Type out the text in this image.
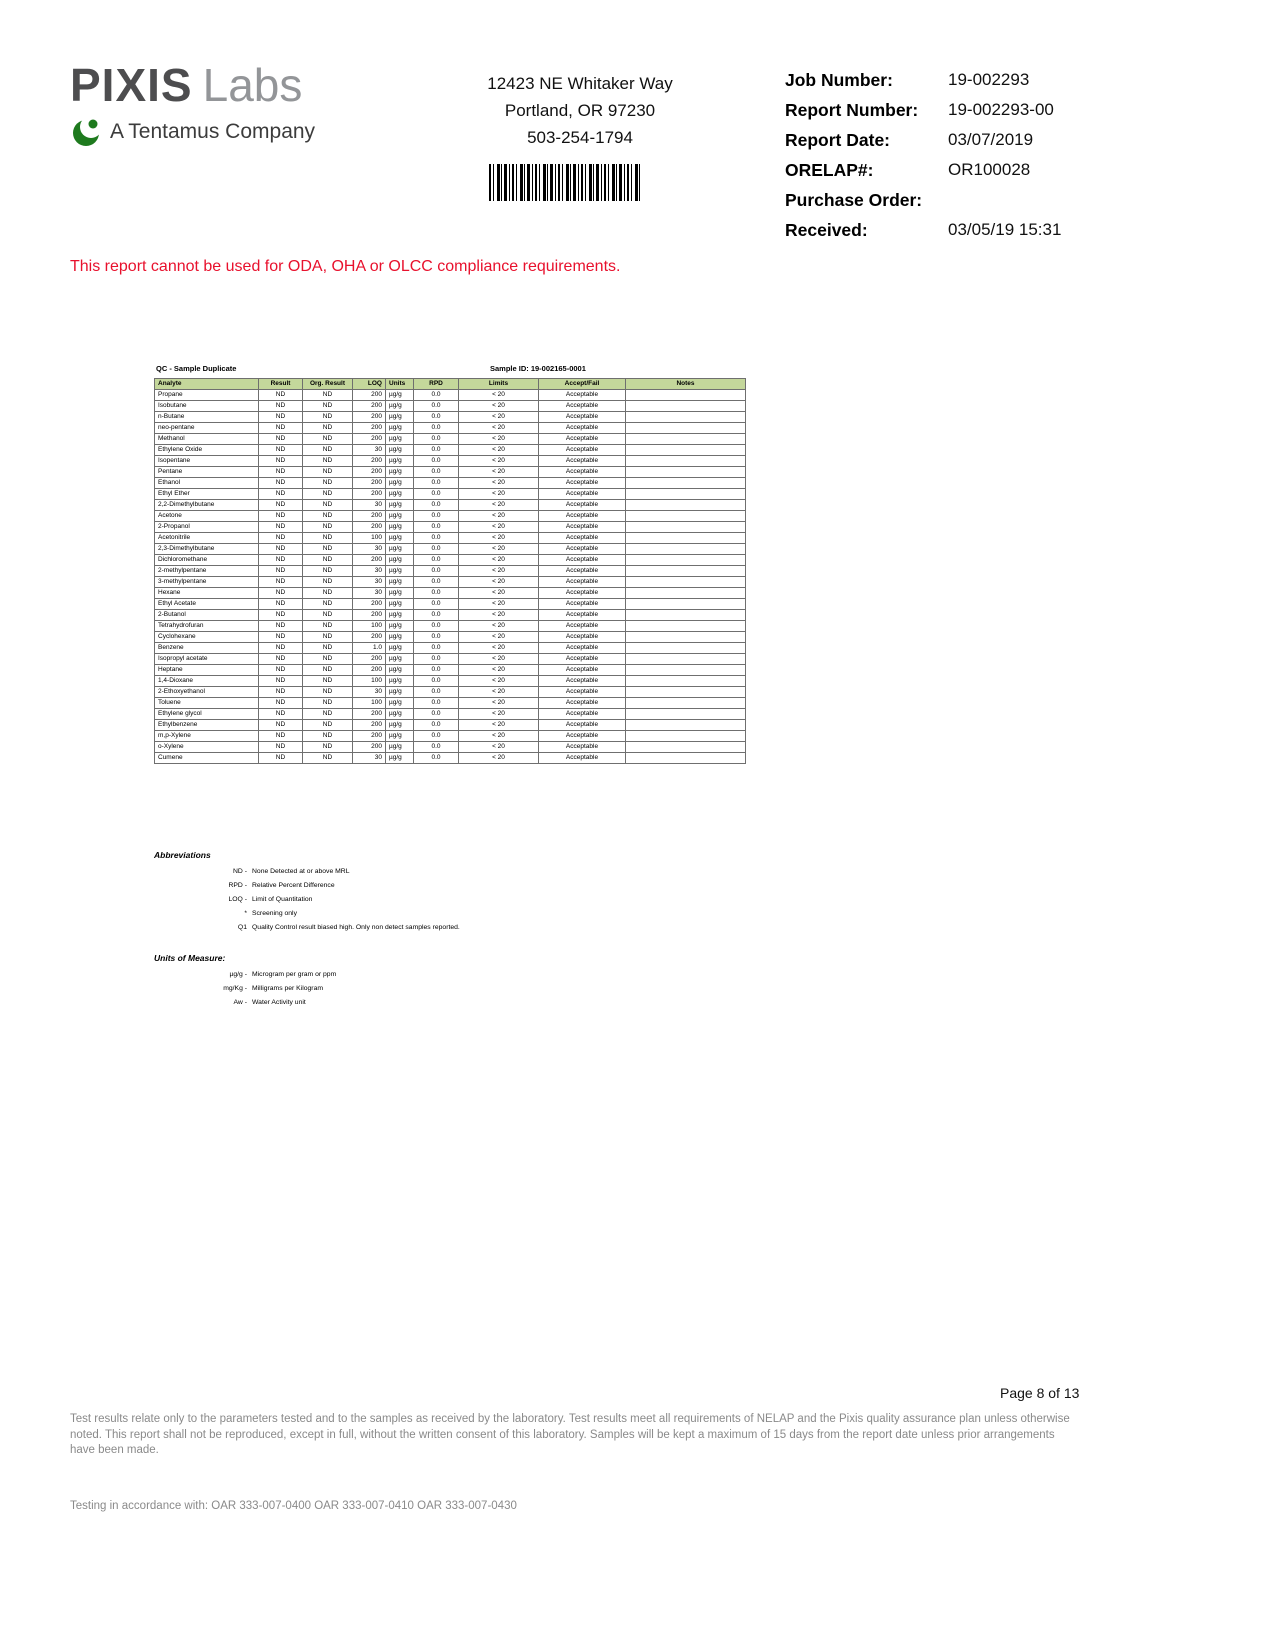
PIXIS Labs
A Tentamus Company
12423 NE Whitaker Way
Portland, OR 97230
503-254-1794
Job Number:	19-002293
Report Number:	19-002293-00
Report Date:	03/07/2019
ORELAP#:	OR100028
Purchase Order:
Received:	03/05/19 15:31
This report cannot be used for ODA, OHA or OLCC compliance requirements.
QC - Sample Duplicate	Sample ID: 19-002165-0001
Analyte	Result	Org. Result	LOQ	Units	RPD	Limits	Accept/Fail	Notes
Propane	ND	ND	200	µg/g	0.0	< 20	Acceptable	
Isobutane	ND	ND	200	µg/g	0.0	< 20	Acceptable	
n-Butane	ND	ND	200	µg/g	0.0	< 20	Acceptable	
neo-pentane	ND	ND	200	µg/g	0.0	< 20	Acceptable	
Methanol	ND	ND	200	µg/g	0.0	< 20	Acceptable	
Ethylene Oxide	ND	ND	30	µg/g	0.0	< 20	Acceptable	
Isopentane	ND	ND	200	µg/g	0.0	< 20	Acceptable	
Pentane	ND	ND	200	µg/g	0.0	< 20	Acceptable	
Ethanol	ND	ND	200	µg/g	0.0	< 20	Acceptable	
Ethyl Ether	ND	ND	200	µg/g	0.0	< 20	Acceptable	
2,2-Dimethylbutane	ND	ND	30	µg/g	0.0	< 20	Acceptable	
Acetone	ND	ND	200	µg/g	0.0	< 20	Acceptable	
2-Propanol	ND	ND	200	µg/g	0.0	< 20	Acceptable	
Acetonitrile	ND	ND	100	µg/g	0.0	< 20	Acceptable	
2,3-Dimethylbutane	ND	ND	30	µg/g	0.0	< 20	Acceptable	
Dichloromethane	ND	ND	200	µg/g	0.0	< 20	Acceptable	
2-methylpentane	ND	ND	30	µg/g	0.0	< 20	Acceptable	
3-methylpentane	ND	ND	30	µg/g	0.0	< 20	Acceptable	
Hexane	ND	ND	30	µg/g	0.0	< 20	Acceptable	
Ethyl Acetate	ND	ND	200	µg/g	0.0	< 20	Acceptable	
2-Butanol	ND	ND	200	µg/g	0.0	< 20	Acceptable	
Tetrahydrofuran	ND	ND	100	µg/g	0.0	< 20	Acceptable	
Cyclohexane	ND	ND	200	µg/g	0.0	< 20	Acceptable	
Benzene	ND	ND	1.0	µg/g	0.0	< 20	Acceptable	
Isopropyl acetate	ND	ND	200	µg/g	0.0	< 20	Acceptable	
Heptane	ND	ND	200	µg/g	0.0	< 20	Acceptable	
1,4-Dioxane	ND	ND	100	µg/g	0.0	< 20	Acceptable	
2-Ethoxyethanol	ND	ND	30	µg/g	0.0	< 20	Acceptable	
Toluene	ND	ND	100	µg/g	0.0	< 20	Acceptable	
Ethylene glycol	ND	ND	200	µg/g	0.0	< 20	Acceptable	
Ethylbenzene	ND	ND	200	µg/g	0.0	< 20	Acceptable	
m,p-Xylene	ND	ND	200	µg/g	0.0	< 20	Acceptable	
o-Xylene	ND	ND	200	µg/g	0.0	< 20	Acceptable	
Cumene	ND	ND	30	µg/g	0.0	< 20	Acceptable	
Abbreviations
ND - None Detected at or above MRL
RPD - Relative Percent Difference
LOQ - Limit of Quantitation
* Screening only
Q1 Quality Control result biased high. Only non detect samples reported.
Units of Measure:
µg/g - Microgram per gram or ppm
mg/Kg - Milligrams per Kilogram
Aw - Water Activity unit
Page 8 of 13
Test results relate only to the parameters tested and to the samples as received by the laboratory. Test results meet all requirements of NELAP and the Pixis quality assurance plan unless otherwise noted. This report shall not be reproduced, except in full, without the written consent of this laboratory. Samples will be kept a maximum of 15 days from the report date unless prior arrangements have been made.
Testing in accordance with: OAR 333-007-0400 OAR 333-007-0410 OAR 333-007-0430
